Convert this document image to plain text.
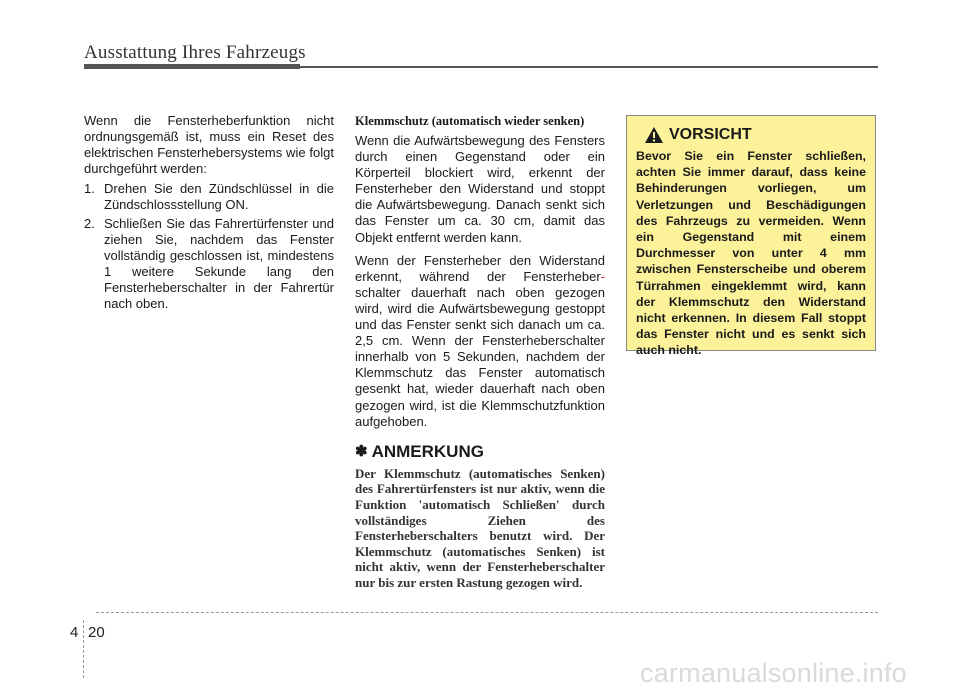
Ausstattung Ihres Fahrzeugs

Wenn die Fensterheberfunktion nicht ordnungsgemäß ist, muss ein Reset des elektrischen Fensterhebersystems wie folgt durchgeführt werden:

1. Drehen Sie den Zündschlüssel in die Zündschlossstellung ON.
2. Schließen Sie das Fahrertürfenster und ziehen Sie, nachdem das Fenster vollständig geschlossen ist, mindestens 1 weitere Sekunde lang den Fensterheberschalter in der Fahrertür nach oben.

Klemmschutz (automatisch wieder senken)

Wenn die Aufwärtsbewegung des Fensters durch einen Gegenstand oder ein Körperteil blockiert wird, erkennt der Fensterheber den Widerstand und stoppt die Aufwärtsbewegung. Danach senkt sich das Fenster um ca. 30 cm, damit das Objekt entfernt werden kann.

Wenn der Fensterheber den Widerstand erkennt, während der Fensterheber-schalter dauerhaft nach oben gezogen wird, wird die Aufwärtsbewegung gestoppt und das Fenster senkt sich danach um ca. 2,5 cm. Wenn der Fensterheberschalter innerhalb von 5 Sekunden, nachdem der Klemmschutz das Fenster automatisch gesenkt hat, wieder dauerhaft nach oben gezogen wird, ist die Klemmschutzfunktion aufgehoben.

✽ ANMERKUNG
Der Klemmschutz (automatisches Senken) des Fahrertürfensters ist nur aktiv, wenn die Funktion 'automatisch Schließen' durch vollständiges Ziehen des Fensterheberschalters benutzt wird. Der Klemmschutz (automatisches Senken) ist nicht aktiv, wenn der Fensterheberschalter nur bis zur ersten Rastung gezogen wird.
VORSICHT
Bevor Sie ein Fenster schließen, achten Sie immer darauf, dass keine Behinderungen vorliegen, um Verletzungen und Beschädigungen des Fahrzeugs zu vermeiden. Wenn ein Gegenstand mit einem Durchmesser von unter 4 mm zwischen Fensterscheibe und oberem Türrahmen eingeklemmt wird, kann der Klemmschutz den Widerstand nicht erkennen. In diesem Fall stoppt das Fenster nicht und es senkt sich auch nicht.
4 20
carmanualsonline.info
